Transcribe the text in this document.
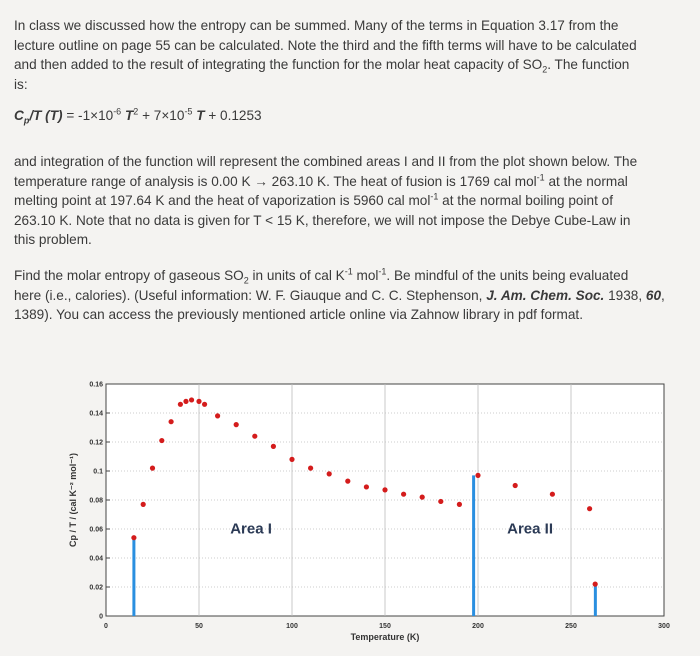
In class we discussed how the entropy can be summed. Many of the terms in Equation 3.17 from the
lecture outline on page 55 can be calculated. Note the third and the fifth terms will have to be calculated
and then added to the result of integrating the function for the molar heat capacity of $SO_2$. The function
is:

$C_p/T$ $(T) = -1\times 10^{-6}$ $T^2 + 7\times 10^{-5}$ T + 0.1253

and integration of the function will represent the combined areas I and II from the plot shown below. The
temperature range of analysis is 0.00 K → 263.10 K. The heat of fusion is 1769 cal mol$^{-1}$ at the normal
melting point at 197.64 K and the heat of vaporization is 5960 cal mol$^{-1}$ at the normal boiling point of
263.10 K. Note that no data is given for T < 15 K, therefore, we will not impose the Debye Cube-Law in
this problem.

Find the molar entropy of gaseous $SO_2$ in units of cal $K^{-1}$ mol$^{-1}$. Be mindful of the units being evaluated
here (i.e., calories). (Useful information: W. F. Giauque and C. C. Stephenson, J. Am. Chem. Soc. 1938, 60,
1389). You can access the previously mentioned article online via Zahnow library in pdf format.

0	50	100	150	200	250	300
0
0.02
0.04
0.06
0.08
0.1
0.12
0.14
0.16
Temperature (K)
Cp / T / (cal K⁻² mol⁻¹)	Area I	Area II
